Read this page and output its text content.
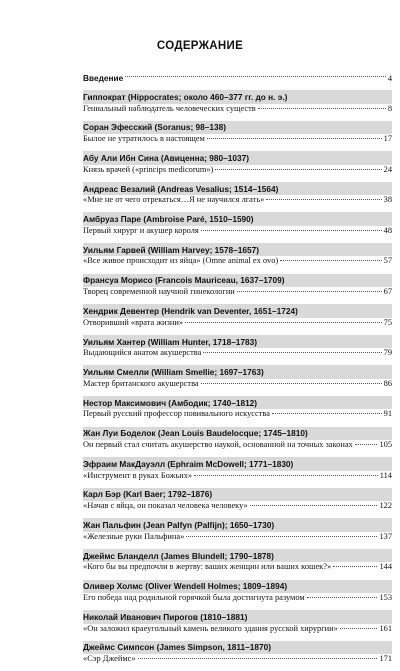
СОДЕРЖАНИЕ
Введение	4
Гиппократ (Hippocrates; около 460–377 гг. до н. э.)
Гениальный наблюдатель человеческих существ	8
Соран Эфесский (Soranus; 98–138)
Былое не утратилось в настоящем	17
Абу Али Ибн Сина (Авиценна; 980–1037)
Князь врачей («princips medicorum»)	24
Андреас Везалий (Andreas Vesalius; 1514–1564)
«Мне не от чего отрекаться…Я не научился лгать»	38
Амбруаз Паре (Ambroise Paré, 1510–1590)
Первый хирург и акушер короля	48
Уильям Гарвей (William Harvey; 1578–1657)
«Все живое происходит из яйца» (Omne animal ex ovo)	57
Франсуа Морисо (Francois Mauriceau, 1637–1709)
Творец современной научной гинекологии	67
Хендрик Девентер (Hendrik van Deventer, 1651–1724)
Отворивший «врата жизни»	75
Уильям Хантер (William Hunter, 1718–1783)
Выдающийся анатом акушерства	79
Уильям Смелли (William Smellie; 1697–1763)
Мастер британского акушерства	86
Нестор Максимович (Амбодик; 1740–1812)
Первый русский профессор повивального искусства	91
Жан Луи Боделок (Jean Louis Baudelocque; 1745–1810)
Он первый стал считать акушерство наукой, основанной на точных законах	105
Эфраим МакДауэлл (Ephraim McDowell; 1771–1830)
«Инструмент в руках Божьих»	114
Карл Бэр (Karl Baer; 1792–1876)
«Начав с яйца, он показал человека человеку»	122
Жан Пальфин (Jean Palfyn (Palfijn); 1650–1730)
«Железные руки Пальфина»	137
Джеймс Бланделл (James Blundell; 1790–1878)
«Кого бы вы предпочли в жертву: ваших женщин или ваших кошек?»	144
Оливер Холмс (Oliver Wendell Holmes; 1809–1894)
Его победа над родильной горячкой была достигнута разумом	153
Николай Иванович Пирогов (1810–1881)
«Он заложил краеугольный камень великого здания русской хирургии»	161
Джеймс Симпсон (James Simpson, 1811–1870)
«Сэр Джеймс»	171
